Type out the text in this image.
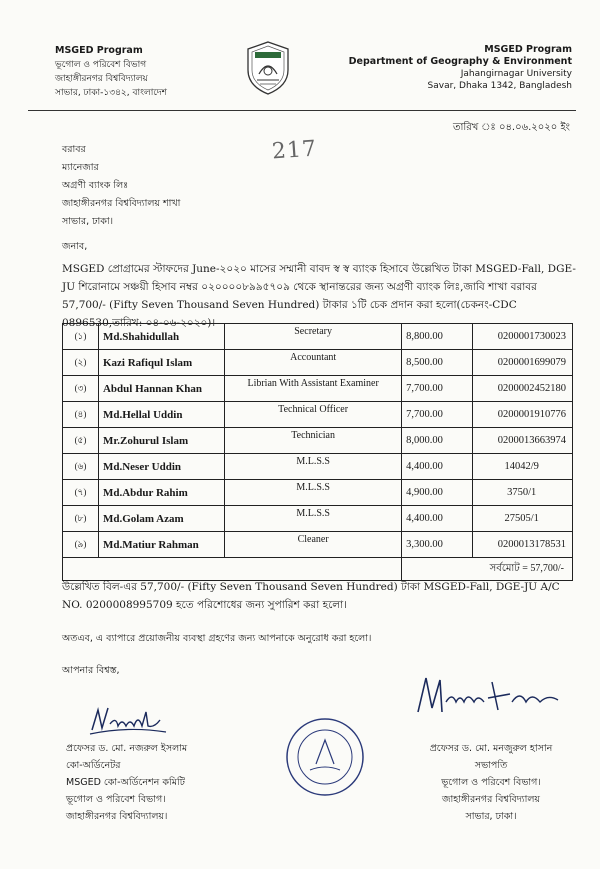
MSGED Program
ভূগোল ও পরিবেশ বিভাগ
জাহাঙ্গীরনগর বিশ্ববিদ্যালয়
সাভার, ঢাকা-১৩৪২, বাংলাদেশ
MSGED Program
Department of Geography & Environment
Jahangirnagar University
Savar, Dhaka 1342, Bangladesh
তারিখ ঃ ০৪.০৬.২০২০ ইং
217
বরাবর
ম্যানেজার
অগ্রণী ব্যাংক লিঃ
জাহাঙ্গীরনগর বিশ্ববিদ্যালয় শাখা
সাভার, ঢাকা।
জনাব,
MSGED প্রোগ্রামের স্টাফদের June-২০২০ মাসের সম্মানী বাবদ স্ব স্ব ব্যাংক হিসাবে উল্লেখিত টাকা MSGED-Fall, DGE-JU শিরোনামে সঞ্চয়ী হিসাব নম্বর ০২০০০০৮৯৯৫৭০৯ থেকে স্থানান্তরের জন্য অগ্রণী ব্যাংক লিঃ,জাবি শাখা বরাবর 57,700/- (Fifty Seven Thousand Seven Hundred) টাকার ১টি চেক প্রদান করা হলো(চেকনং-CDC 0896530,তারিখ: ০৪-০৬-২০২০)।
(১)	Md.Shahidullah	Secretary	8,800.00	0200001730023
(২)	Kazi Rafiqul Islam	Accountant	8,500.00	0200001699079
(৩)	Abdul Hannan Khan	Librian With Assistant Examiner	7,700.00	0200002452180
(৪)	Md.Hellal Uddin	Technical Officer	7,700.00	0200001910776
(৫)	Mr.Zohurul Islam	Technician	8,000.00	0200013663974
(৬)	Md.Neser Uddin	M.L.S.S	4,400.00	14042/9
(৭)	Md.Abdur Rahim	M.L.S.S	4,900.00	3750/1
(৮)	Md.Golam Azam	M.L.S.S	4,400.00	27505/1
(৯)	Md.Matiur Rahman	Cleaner	3,300.00	0200013178531
			সর্বমোট = 57,700/-	
উল্লেখিত বিল-এর 57,700/- (Fifty Seven Thousand Seven Hundred) টাকা MSGED-Fall, DGE-JU A/C NO. 0200008995709 হতে পরিশোধের জন্য সুপারিশ করা হলো।
অতএব, এ ব্যাপারে প্রয়োজনীয় ব্যবস্থা গ্রহণের জন্য আপনাকে অনুরোধ করা হলো।
আপনার বিশ্বস্ত,
প্রফেসর ড. মো. নজরুল ইসলাম
কো-অর্ডিনেটর
MSGED কো-অর্ডিনেশন কমিটি
ভূগোল ও পরিবেশ বিভাগ।
জাহাঙ্গীরনগর বিশ্ববিদ্যালয়।
প্রফেসর ড. মো. মনজুরুল হাসান
সভাপতি
ভূগোল ও পরিবেশ বিভাগ।
জাহাঙ্গীরনগর বিশ্ববিদ্যালয়
সাভার, ঢাকা।
